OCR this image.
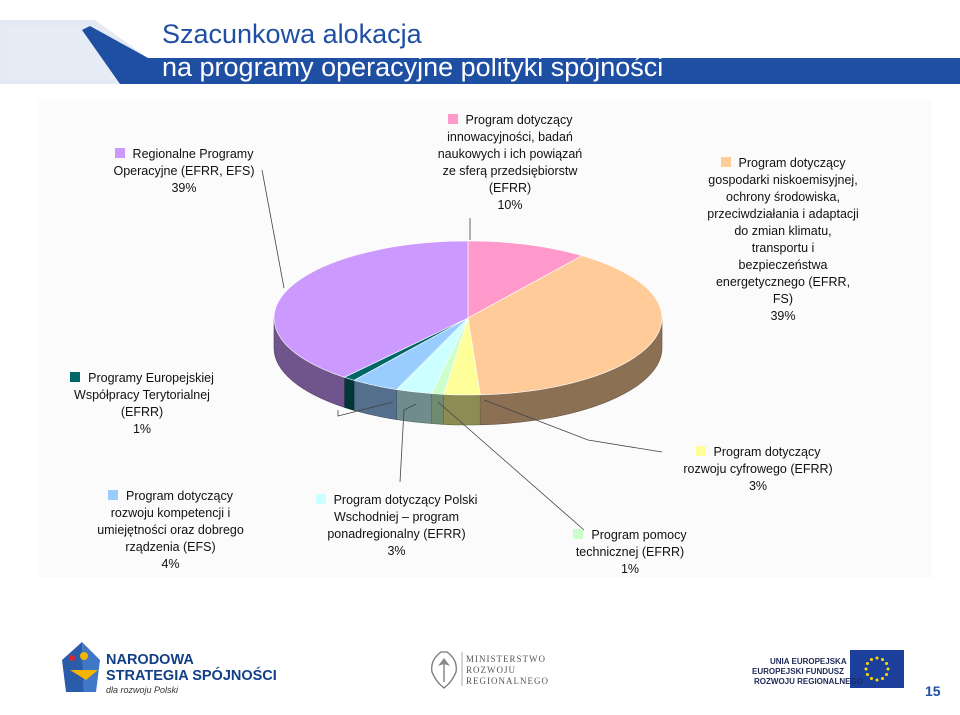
Szacunkowa alokacja
na programy operacyjne polityki spójności
Regionalne Programy
Operacyjne (EFRR, EFS)
39%
Program dotyczący
innowacyjności, badań
naukowych i ich powiązań
ze sferą przedsiębiorstw
(EFRR)
10%
Program dotyczący
gospodarki niskoemisyjnej,
ochrony środowiska,
przeciwdziałania i adaptacji
do zmian klimatu,
transportu i
bezpieczeństwa
energetycznego (EFRR,
FS)
39%
Programy Europejskiej
Współpracy Terytorialnej
(EFRR)
1%
Program dotyczący
rozwoju cyfrowego (EFRR)
3%
Program dotyczący
rozwoju kompetencji i
umiejętności oraz dobrego
rządzenia (EFS)
4%
Program dotyczący Polski
Wschodniej – program
ponadregionalny (EFRR)
3%
Program pomocy
technicznej (EFRR)
1%
NARODOWA
STRATEGIA SPÓJNOŚCI
dla rozwoju Polski
MINISTERSTWO
ROZWOJU
REGIONALNEGO
UNIA EUROPEJSKA
EUROPEJSKI FUNDUSZ
ROZWOJU REGIONALNEGO
15
